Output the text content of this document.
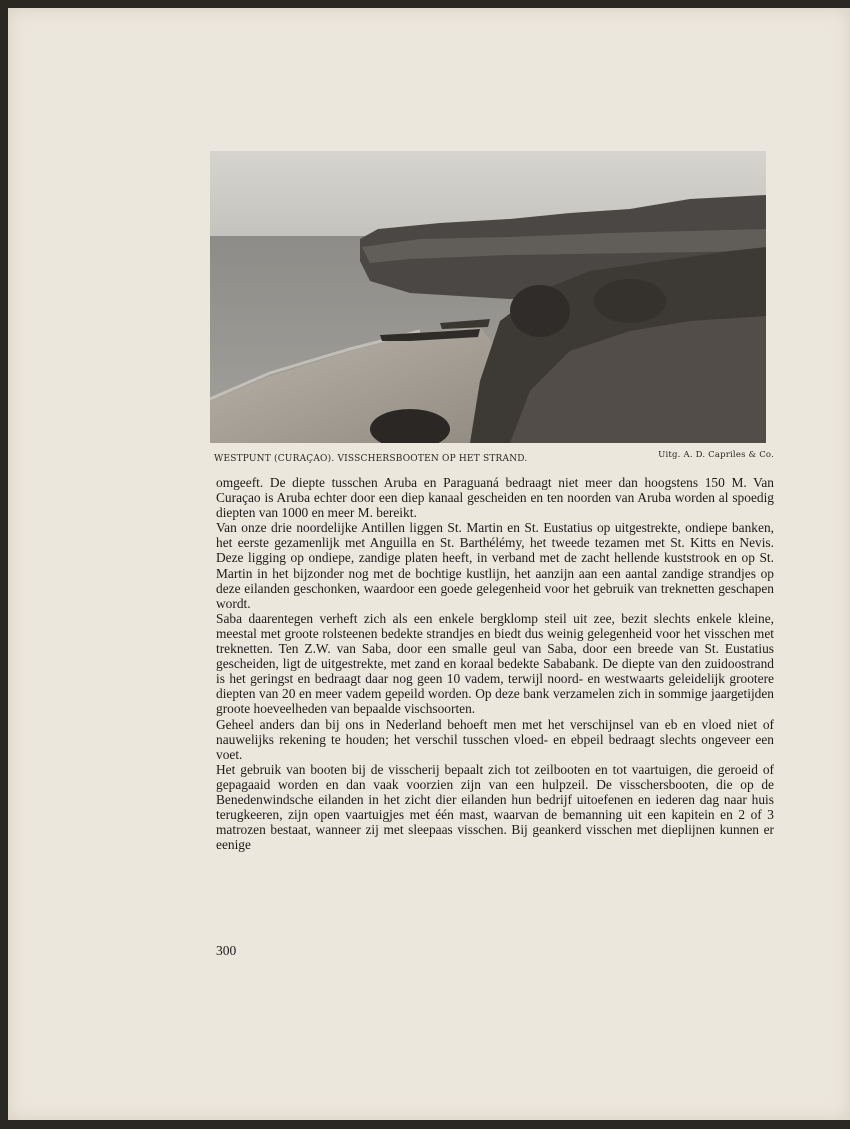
WESTPUNT (CURAÇAO). VISSCHERSBOOTEN OP HET STRAND.	Uitg. A. D. Capriles & Co.

omgeeft. De diepte tusschen Aruba en Paraguaná bedraagt niet meer dan hoogstens 150 M. Van Curaçao is Aruba echter door een diep kanaal gescheiden en ten noorden van Aruba worden al spoedig diepten van 1000 en meer M. bereikt.

Van onze drie noordelijke Antillen liggen St. Martin en St. Eustatius op uitgestrekte, ondiepe banken, het eerste gezamenlijk met Anguilla en St. Barthélémy, het tweede tezamen met St. Kitts en Nevis. Deze ligging op ondiepe, zandige platen heeft, in verband met de zacht hellende kuststrook en op St. Martin in het bijzonder nog met de bochtige kustlijn, het aanzijn aan een aantal zandige strandjes op deze eilanden geschonken, waardoor een goede gelegenheid voor het gebruik van treknetten geschapen wordt.

Saba daarentegen verheft zich als een enkele bergklomp steil uit zee, bezit slechts enkele kleine, meestal met groote rolsteenen bedekte strandjes en biedt dus weinig gelegenheid voor het visschen met treknetten. Ten Z.W. van Saba, door een smalle geul van Saba, door een breede van St. Eustatius gescheiden, ligt de uitgestrekte, met zand en koraal bedekte Sababank. De diepte van den zuidoostrand is het geringst en bedraagt daar nog geen 10 vadem, terwijl noord- en westwaarts geleidelijk grootere diepten van 20 en meer vadem gepeild worden. Op deze bank verzamelen zich in sommige jaargetijden groote hoeveelheden van bepaalde vischsoorten.

Geheel anders dan bij ons in Nederland behoeft men met het verschijnsel van eb en vloed niet of nauwelijks rekening te houden; het verschil tusschen vloed- en ebpeil bedraagt slechts ongeveer een voet.

Het gebruik van booten bij de visscherij bepaalt zich tot zeilbooten en tot vaartuigen, die geroeid of gepagaaid worden en dan vaak voorzien zijn van een hulpzeil. De visschersbooten, die op de Benedenwindsche eilanden in het zicht dier eilanden hun bedrijf uitoefenen en iederen dag naar huis terugkeeren, zijn open vaartuigjes met één mast, waarvan de bemanning uit een kapitein en 2 of 3 matrozen bestaat, wanneer zij met sleepaas visschen. Bij geankerd visschen met dieplijnen kunnen er eenige

300
